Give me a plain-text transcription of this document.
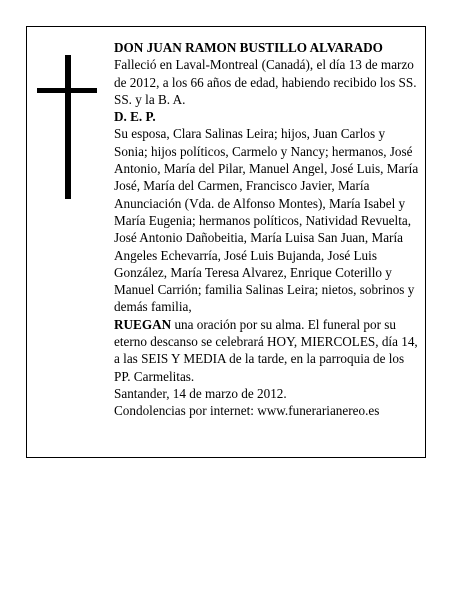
DON JUAN RAMON BUSTILLO ALVARADO

Falleció en Laval-Montreal (Canadá), el día 13 de marzo de 2012, a los 66 años de edad, habiendo recibido los SS. SS. y la B. A.

D. E. P.

Su esposa, Clara Salinas Leira; hijos, Juan Carlos y Sonia; hijos políticos, Carmelo y Nancy; hermanos, José Antonio, María del Pilar, Manuel Angel, José Luis, María José, María del Carmen, Francisco Javier, María Anunciación (Vda. de Alfonso Montes), María Isabel y María Eugenia; hermanos políticos, Natividad Revuelta, José Antonio Dañobeitia, María Luisa San Juan, María Angeles Echevarría, José Luis Bujanda, José Luis González, María Teresa Alvarez, Enrique Coterillo y Manuel Carrión; familia Salinas Leira; nietos, sobrinos y demás familia,

RUEGAN una oración por su alma. El funeral por su eterno descanso se celebrará HOY, MIERCOLES, día 14, a las SEIS Y MEDIA de la tarde, en la parroquia de los PP. Carmelitas.

Santander, 14 de marzo de 2012.

Condolencias por internet: www.funerarianereo.es
